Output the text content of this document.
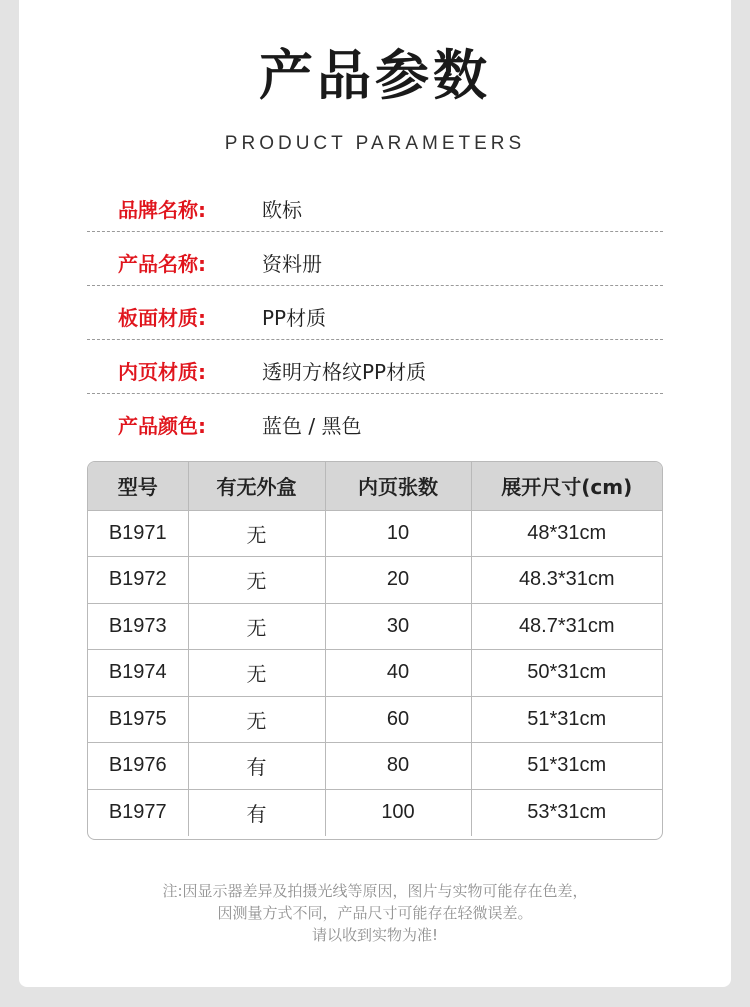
产品参数
PRODUCT PARAMETERS
品牌名称:	欧标
产品名称:	资料册
板面材质:	PP材质
内页材质:	透明方格纹PP材质
产品颜色:	蓝色 / 黑色
型号	有无外盒	内页张数	展开尺寸(cm)
B1971	无	10	48*31cm
B1972	无	20	48.3*31cm
B1973	无	30	48.7*31cm
B1974	无	40	50*31cm
B1975	无	60	51*31cm
B1976	有	80	51*31cm
B1977	有	100	53*31cm
注:因显示器差异及拍摄光线等原因，图片与实物可能存在色差，
因测量方式不同，产品尺寸可能存在轻微误差。
请以收到实物为准!
